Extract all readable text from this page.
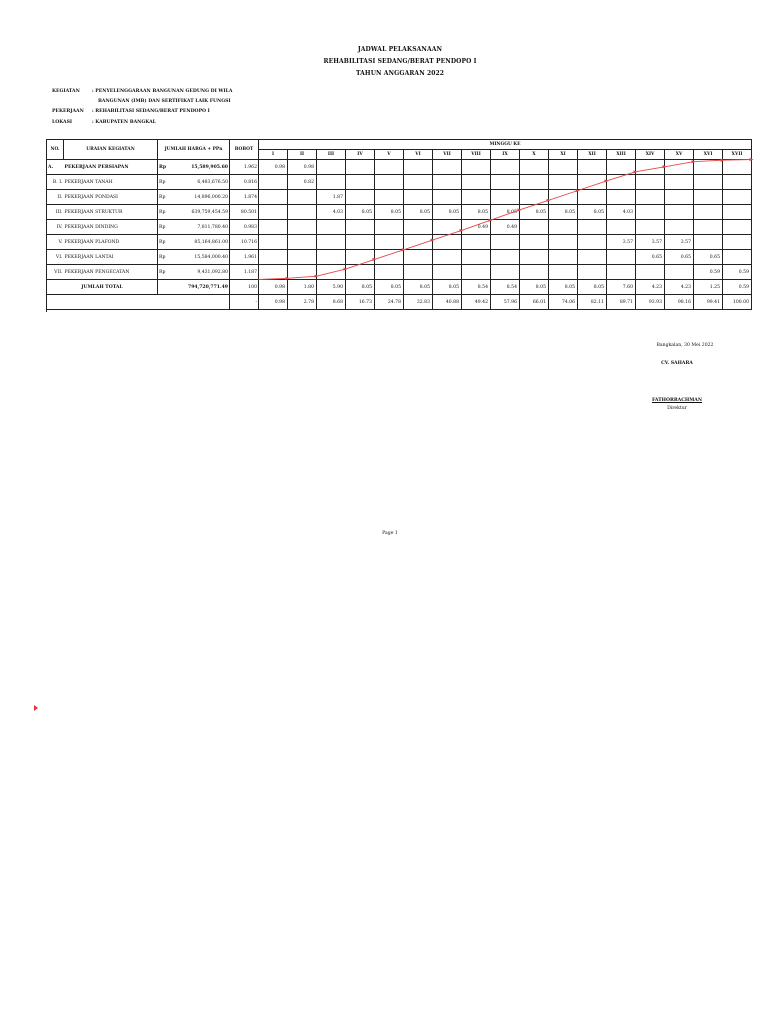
JADWAL PELAKSANAAN
REHABILITASI SEDANG/BERAT PENDOPO I
TAHUN ANGGARAN 2022
KEGIATAN	: PENYELENGGARAAN BANGUNAN GEDUNG DI WILA
BANGUNAN (IMB) DAN SERTIFIKAT LAIK FUNGSI
PEKERJAAN : REHABILITASI SEDANG/BERAT PENDOPO I
LOKASI	: KABUPATEN BANGKAL
NO.	URAIAN KEGIATAN	JUMLAH HARGA + PPn		BOBOT	MINGGU KE																
					I	II	III	IV	V	VI	VII	VIII	IX	X	XI	XII	XIII	XIV	XV	XVI	XVII
A.	PEKERJAAN PERSIAPAN	Rp	15,589,905.60	1.962	0.98	0.98															
B. I.	PEKERJAAN TANAH	Rp	6,483,676.50	0.816		0.82															
II.	PEKERJAAN PONDASI	Rp	14,896,000.20	1.874			1.87														
III.	PEKERJAAN STRUKTUR	Rp	639,759,454.59	80.501			4.03	8.05	8.05	8.05	8.05	8.05	8.05	8.05	8.05	8.05	4.03				
IV.	PEKERJAAN DINDING	Rp	7,811,780.40	0.983								0.49	0.49								
V.	PEKERJAAN PLAFOND	Rp	85,164,861.00	10.716													3.57	3.57	3.57		
VI.	PEKERJAAN LANTAI	Rp	15,584,000.40	1.961														0.65	0.65	0.65	
VII.	PEKERJAAN PENGECATAN	Rp	9,431,092.80	1.187																0.59	0.59
JUMLAH TOTAL			794,720,771.49	100	0.98	1.80	5.90	8.05	8.05	8.05	8.05	8.54	8.54	8.05	8.05	8.05	7.60	4.23	4.23	1.25	0.59
				-	0.98	2.78	8.68	16.73	24.78	32.83	40.88	49.42	57.96	66.01	74.06	82.11	89.71	93.93	98.16	99.41	100.00
Bangkalan, 30 Mei 2022
CV. SAHARA
FATHORRACHMAN
Direktur
Page 1
